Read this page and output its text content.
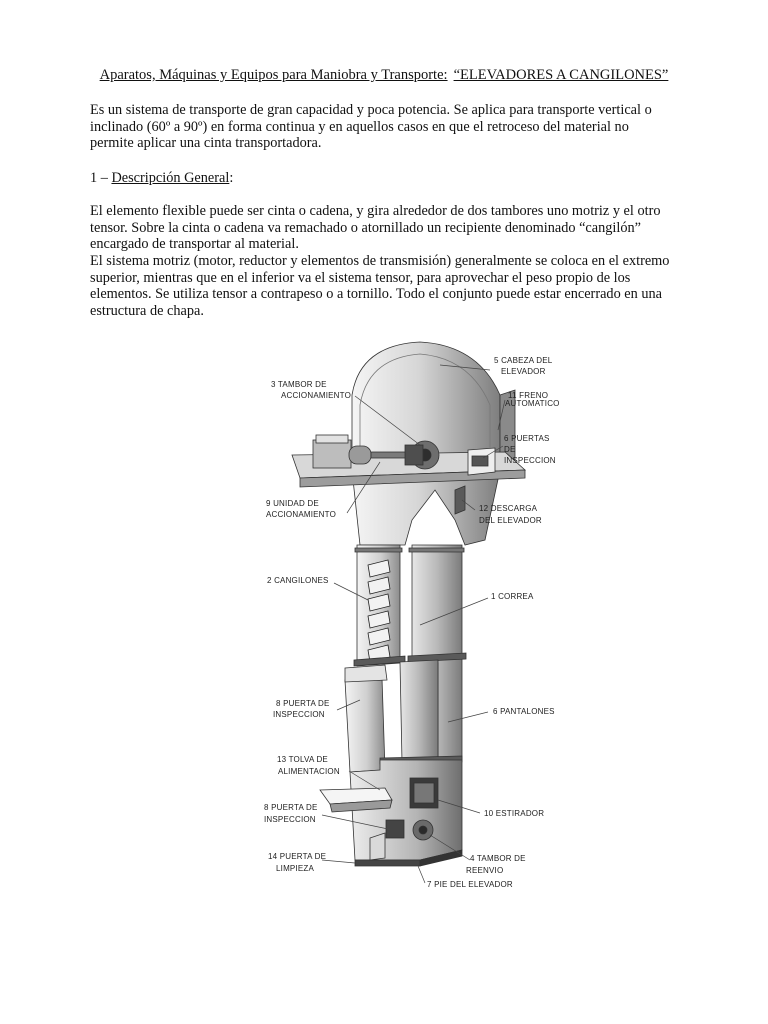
Aparatos, Máquinas y Equipos para Maniobra y Transporte: “ELEVADORES A CANGILONES”
Es un sistema de transporte de gran capacidad y poca potencia. Se aplica para transporte vertical o
inclinado (60º a 90º) en forma continua y en aquellos casos en que el retroceso del material no
permite aplicar una cinta transportadora.
1 – Descripción General:
El elemento flexible puede ser cinta o cadena, y gira alrededor de dos tambores uno motriz y el otro
tensor. Sobre la cinta o cadena va remachado o atornillado un recipiente denominado “cangilón”
encargado de transportar al material.
El sistema motriz (motor, reductor y elementos de transmisión) generalmente se coloca en el extremo
superior, mientras que en el inferior va el sistema tensor, para aprovechar el peso propio de los
elementos. Se utiliza tensor a contrapeso o a tornillo. Todo el conjunto puede estar encerrado en una
estructura de chapa.
5 CABEZA DEL ELEVADOR
3 TAMBOR DE ACCIONAMIENTO	11 FRENO AUTOMATICO
6 PUERTAS DE INSPECCION
9 UNIDAD DE ACCIONAMIENTO
12 DESCARGA DEL ELEVADOR
2 CANGILONES
1 CORREA
8 PUERTA DE INSPECCION	6 PANTALONES
13 TOLVA DE ALIMENTACION
8 PUERTA DE INSPECCION
10 ESTIRADOR
14 PUERTA DE LIMPIEZA
4 TAMBOR DE REENVIO
7 PIE DEL ELEVADOR
